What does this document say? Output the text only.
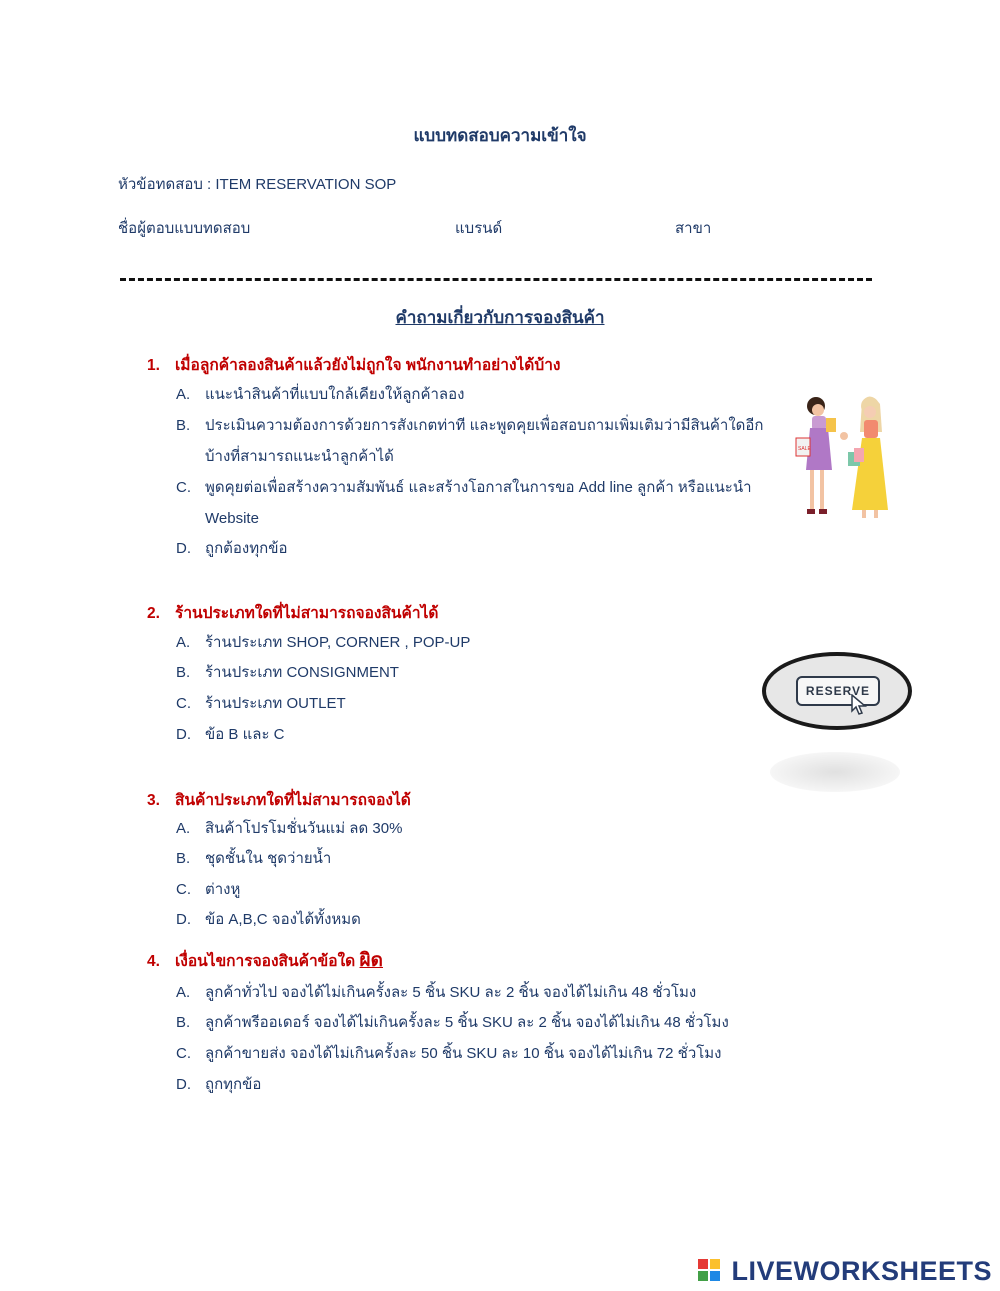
แบบทดสอบความเข้าใจ
หัวข้อทดสอบ : ITEM RESERVATION SOP
ชื่อผู้ตอบแบบทดสอบ	แบรนด์	สาขา
คำถามเกี่ยวกับการจองสินค้า
1. เมื่อลูกค้าลองสินค้าแล้วยังไม่ถูกใจ พนักงานทำอย่างได้บ้าง
A. แนะนำสินค้าที่แบบใกล้เคียงให้ลูกค้าลอง
B. ประเมินความต้องการด้วยการสังเกตท่าที และพูดคุยเพื่อสอบถามเพิ่มเติมว่ามีสินค้าใดอีกบ้างที่สามารถแนะนำลูกค้าได้
C. พูดคุยต่อเพื่อสร้างความสัมพันธ์ และสร้างโอกาสในการขอ Add line ลูกค้า หรือแนะนำ Website
D. ถูกต้องทุกข้อ
SALE
2. ร้านประเภทใดที่ไม่สามารถจองสินค้าได้
A. ร้านประเภท SHOP, CORNER , POP-UP
B. ร้านประเภท CONSIGNMENT
C. ร้านประเภท OUTLET
D. ข้อ B และ C
RESERVE
3. สินค้าประเภทใดที่ไม่สามารถจองได้
A. สินค้าโปรโมชั่นวันแม่ ลด 30%
B. ชุดชั้นใน ชุดว่ายน้ำ
C. ต่างหู
D. ข้อ A,B,C จองได้ทั้งหมด
4. เงื่อนไขการจองสินค้าข้อใด ผิด
A. ลูกค้าทั่วไป จองได้ไม่เกินครั้งละ 5 ชิ้น SKU ละ 2 ชิ้น จองได้ไม่เกิน 48 ชั่วโมง
B. ลูกค้าพรีออเดอร์ จองได้ไม่เกินครั้งละ 5 ชิ้น SKU ละ 2 ชิ้น จองได้ไม่เกิน 48 ชั่วโมง
C. ลูกค้าขายส่ง จองได้ไม่เกินครั้งละ 50 ชิ้น SKU ละ 10 ชิ้น จองได้ไม่เกิน 72 ชั่วโมง
D. ถูกทุกข้อ
LIVEWORKSHEETS
